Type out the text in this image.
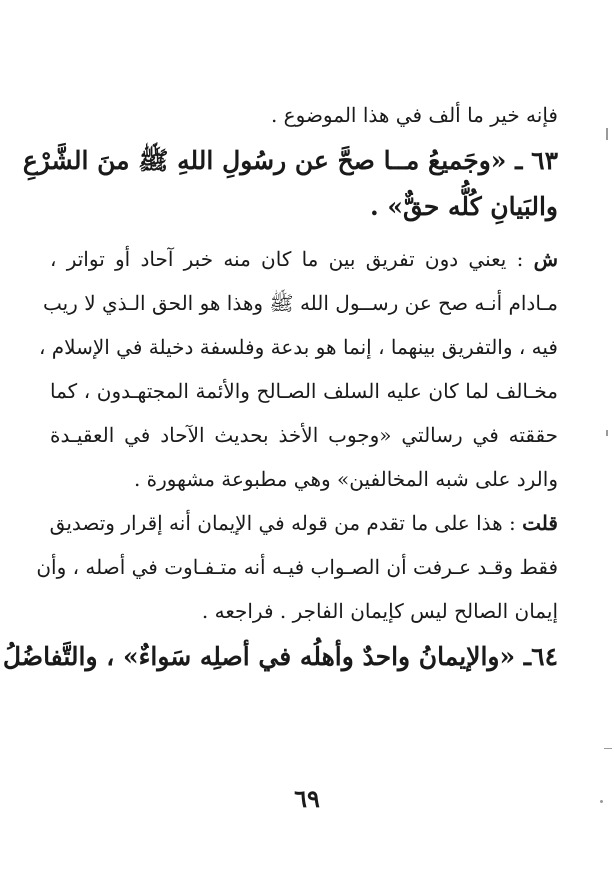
فإنه خير ما ألف في هذا الموضوع .
٦٣ ـ «وجَميعُ مــا صحَّ عن رسُولِ اللهِ ﷺ منَ الشَّرْعِ
والبَيانِ كُلُّه حقٌّ» .
ش : يعني دون تفريق بين ما كان منه خبر آحاد أو تواتر ،
مـادام أنـه صح عن رســول الله ﷺ وهذا هو الحق الـذي لا ريب
فيه ، والتفريق بينهما ، إنما هو بدعة وفلسفة دخيلة في الإسلام ،
مخـالف لما كان عليه السلف الصـالح والأئمة المجتهـدون ، كما
حققته في رسالتي «وجوب الأخذ بحديث الآحاد في العقيـدة
والرد على شبه المخالفين» وهي مطبوعة مشهورة .
قلت : هذا على ما تقدم من قوله في الإيمان أنه إقرار وتصديق
فقط وقـد عـرفت أن الصـواب فيـه أنه متـفـاوت في أصله ، وأن
إيمان الصالح ليس كإيمان الفاجر . فراجعه .
٦٤ـ «والإيمانُ واحدٌ وأهلُه في أصلِه سَواءٌ» ، والتَّفاضُلُ
٦٩
